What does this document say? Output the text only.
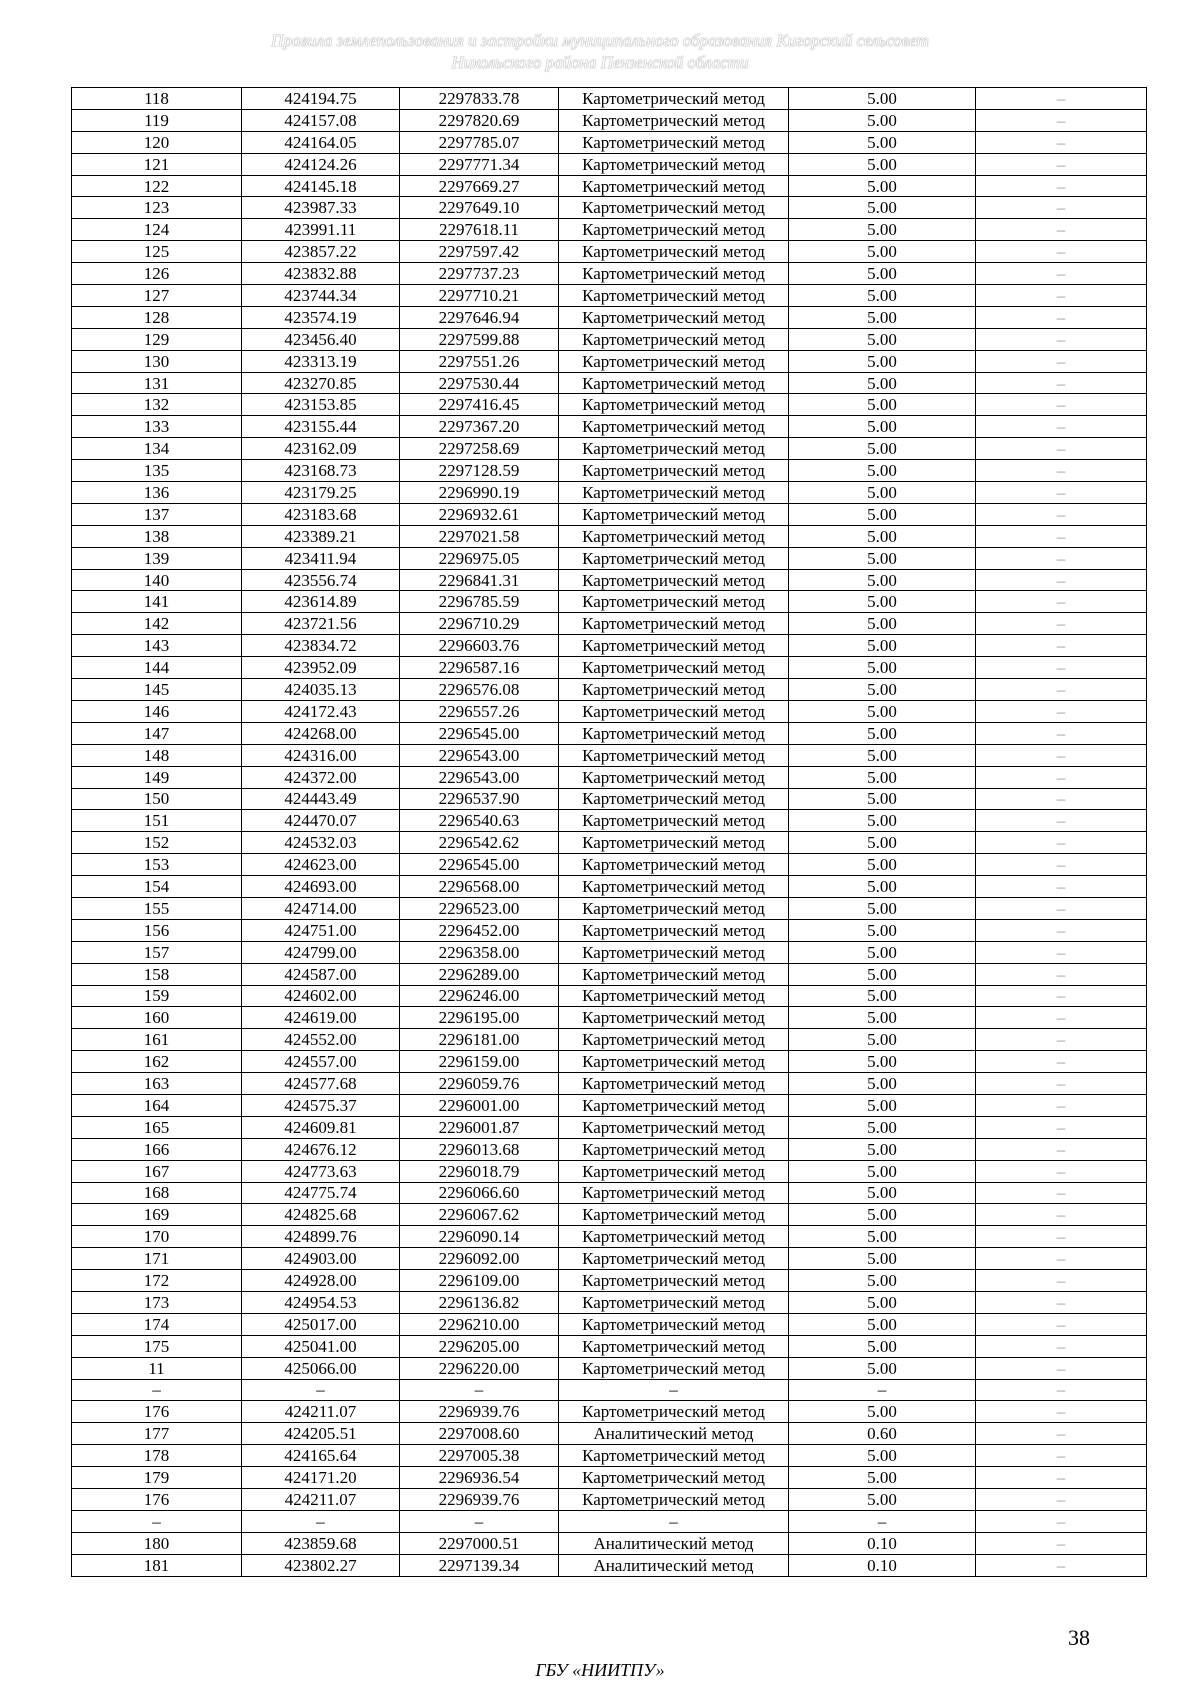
Правила землепользования и застройки муниципального образования Кигорский сельсовет
Никольского района Пензенской области
118	424194.75	2297833.78	Картометрический метод	5.00	–
119	424157.08	2297820.69	Картометрический метод	5.00	–
120	424164.05	2297785.07	Картометрический метод	5.00	–
121	424124.26	2297771.34	Картометрический метод	5.00	–
122	424145.18	2297669.27	Картометрический метод	5.00	–
123	423987.33	2297649.10	Картометрический метод	5.00	–
124	423991.11	2297618.11	Картометрический метод	5.00	–
125	423857.22	2297597.42	Картометрический метод	5.00	–
126	423832.88	2297737.23	Картометрический метод	5.00	–
127	423744.34	2297710.21	Картометрический метод	5.00	–
128	423574.19	2297646.94	Картометрический метод	5.00	–
129	423456.40	2297599.88	Картометрический метод	5.00	–
130	423313.19	2297551.26	Картометрический метод	5.00	–
131	423270.85	2297530.44	Картометрический метод	5.00	–
132	423153.85	2297416.45	Картометрический метод	5.00	–
133	423155.44	2297367.20	Картометрический метод	5.00	–
134	423162.09	2297258.69	Картометрический метод	5.00	–
135	423168.73	2297128.59	Картометрический метод	5.00	–
136	423179.25	2296990.19	Картометрический метод	5.00	–
137	423183.68	2296932.61	Картометрический метод	5.00	–
138	423389.21	2297021.58	Картометрический метод	5.00	–
139	423411.94	2296975.05	Картометрический метод	5.00	–
140	423556.74	2296841.31	Картометрический метод	5.00	–
141	423614.89	2296785.59	Картометрический метод	5.00	–
142	423721.56	2296710.29	Картометрический метод	5.00	–
143	423834.72	2296603.76	Картометрический метод	5.00	–
144	423952.09	2296587.16	Картометрический метод	5.00	–
145	424035.13	2296576.08	Картометрический метод	5.00	–
146	424172.43	2296557.26	Картометрический метод	5.00	–
147	424268.00	2296545.00	Картометрический метод	5.00	–
148	424316.00	2296543.00	Картометрический метод	5.00	–
149	424372.00	2296543.00	Картометрический метод	5.00	–
150	424443.49	2296537.90	Картометрический метод	5.00	–
151	424470.07	2296540.63	Картометрический метод	5.00	–
152	424532.03	2296542.62	Картометрический метод	5.00	–
153	424623.00	2296545.00	Картометрический метод	5.00	–
154	424693.00	2296568.00	Картометрический метод	5.00	–
155	424714.00	2296523.00	Картометрический метод	5.00	–
156	424751.00	2296452.00	Картометрический метод	5.00	–
157	424799.00	2296358.00	Картометрический метод	5.00	–
158	424587.00	2296289.00	Картометрический метод	5.00	–
159	424602.00	2296246.00	Картометрический метод	5.00	–
160	424619.00	2296195.00	Картометрический метод	5.00	–
161	424552.00	2296181.00	Картометрический метод	5.00	–
162	424557.00	2296159.00	Картометрический метод	5.00	–
163	424577.68	2296059.76	Картометрический метод	5.00	–
164	424575.37	2296001.00	Картометрический метод	5.00	–
165	424609.81	2296001.87	Картометрический метод	5.00	–
166	424676.12	2296013.68	Картометрический метод	5.00	–
167	424773.63	2296018.79	Картометрический метод	5.00	–
168	424775.74	2296066.60	Картометрический метод	5.00	–
169	424825.68	2296067.62	Картометрический метод	5.00	–
170	424899.76	2296090.14	Картометрический метод	5.00	–
171	424903.00	2296092.00	Картометрический метод	5.00	–
172	424928.00	2296109.00	Картометрический метод	5.00	–
173	424954.53	2296136.82	Картометрический метод	5.00	–
174	425017.00	2296210.00	Картометрический метод	5.00	–
175	425041.00	2296205.00	Картометрический метод	5.00	–
11	425066.00	2296220.00	Картометрический метод	5.00	–
–	–	–	–	–	–
176	424211.07	2296939.76	Картометрический метод	5.00	–
177	424205.51	2297008.60	Аналитический метод	0.60	–
178	424165.64	2297005.38	Картометрический метод	5.00	–
179	424171.20	2296936.54	Картометрический метод	5.00	–
176	424211.07	2296939.76	Картометрический метод	5.00	–
–	–	–	–	–	–
180	423859.68	2297000.51	Аналитический метод	0.10	–
181	423802.27	2297139.34	Аналитический метод	0.10	–
38
ГБУ «НИИТПУ»
